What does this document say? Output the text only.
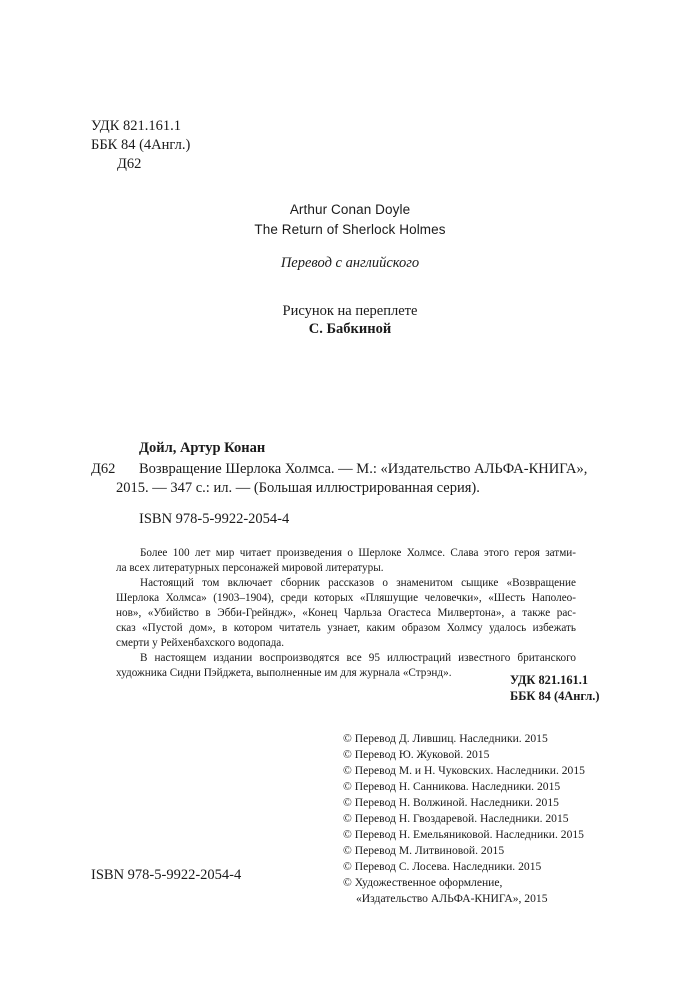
УДК 821.161.1
ББК 84 (4Англ.)
Д62
Arthur Conan Doyle
The Return of Sherlock Holmes
Перевод с английского
Рисунок на переплете
С. Бабкиной
Дойл, Артур Конан
Д62 Возвращение Шерлока Холмса. — М.: «Издательство АЛЬФА-КНИГА»,
2015. — 347 с.: ил. — (Большая иллюстрированная серия).
ISBN 978-5-9922-2054-4
Более 100 лет мир читает произведения о Шерлоке Холмсе. Слава этого героя затми-
ла всех литературных персонажей мировой литературы.
Настоящий том включает сборник рассказов о знаменитом сыщике «Возвращение
Шерлока Холмса» (1903–1904), среди которых «Пляшущие человечки», «Шесть Наполео-
нов», «Убийство в Эбби-Грейндж», «Конец Чарльза Огастеса Милвертона», а также рас-
сказ «Пустой дом», в котором читатель узнает, каким образом Холмсу удалось избежать
смерти у Рейхенбахского водопада.
В настоящем издании воспроизводятся все 95 иллюстраций известного британского
художника Сидни Пэйджета, выполненные им для журнала «Стрэнд».	УДК 821.161.1
ББК 84 (4Англ.)
© Перевод Д. Лившиц. Наследники. 2015
© Перевод Ю. Жуковой. 2015
© Перевод М. и Н. Чуковских. Наследники. 2015
© Перевод Н. Санникова. Наследники. 2015
© Перевод Н. Волжиной. Наследники. 2015
© Перевод Н. Гвоздаревой. Наследники. 2015
© Перевод Н. Емельяниковой. Наследники. 2015
© Перевод М. Литвиновой. 2015
© Перевод С. Лосева. Наследники. 2015
© Художественное оформление,
«Издательство АЛЬФА-КНИГА», 2015
ISBN 978-5-9922-2054-4
